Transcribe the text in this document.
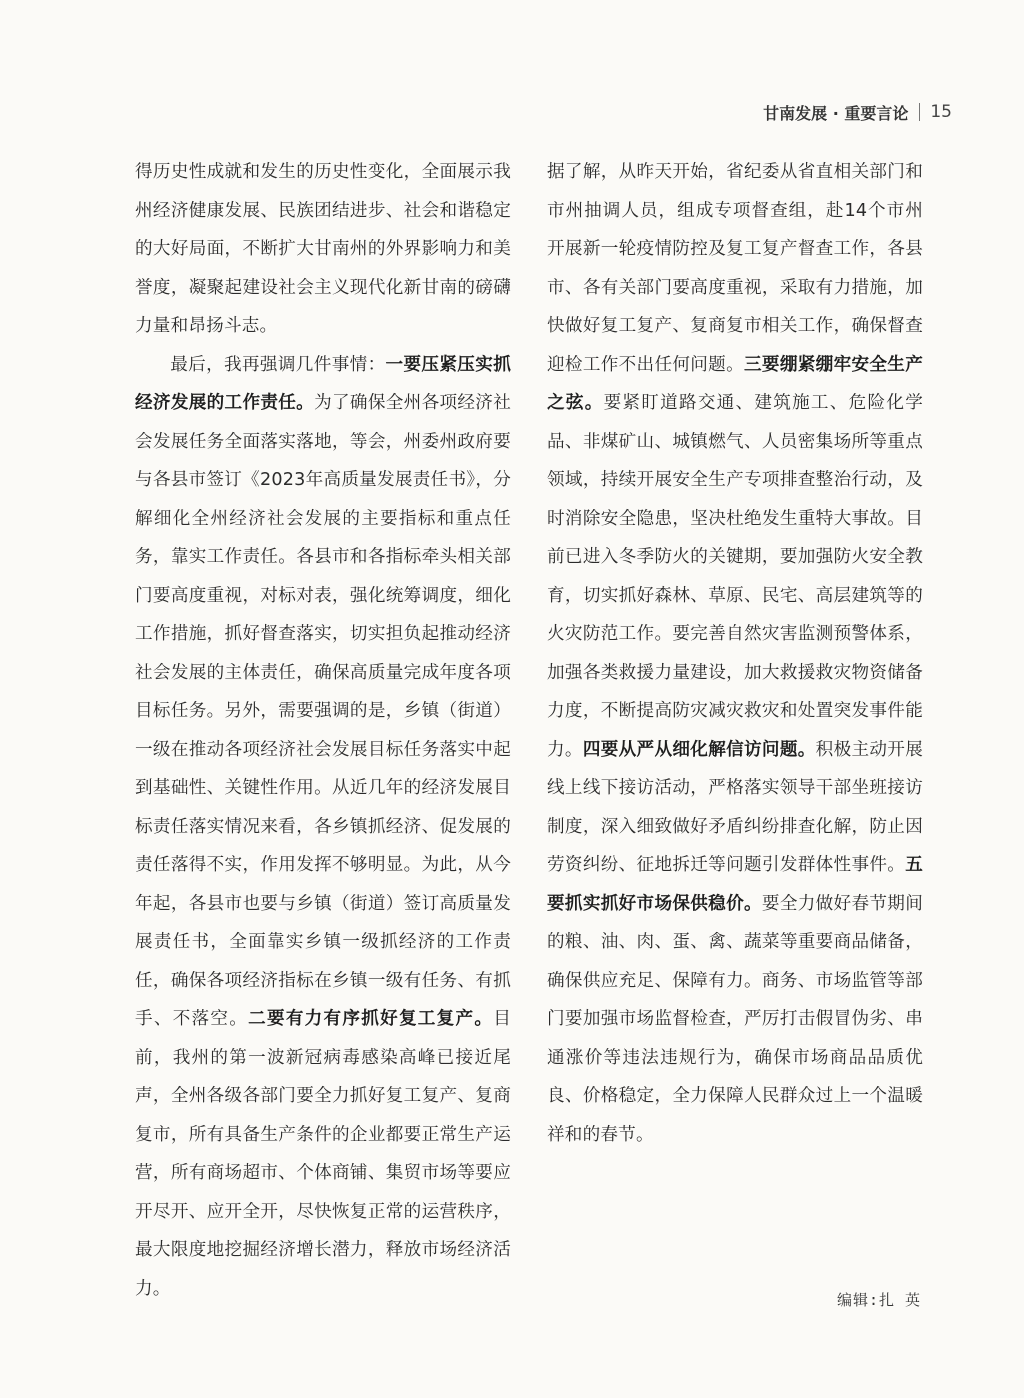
甘南发展 · 重要言论 15

得历史性成就和发生的历史性变化，全面展示我州经济健康发展、民族团结进步、社会和谐稳定的大好局面，不断扩大甘南州的外界影响力和美誉度，凝聚起建设社会主义现代化新甘南的磅礴力量和昂扬斗志。

最后，我再强调几件事情：一要压紧压实抓经济发展的工作责任。为了确保全州各项经济社会发展任务全面落实落地，等会，州委州政府要与各县市签订《2023年高质量发展责任书》，分解细化全州经济社会发展的主要指标和重点任务，靠实工作责任。各县市和各指标牵头相关部门要高度重视，对标对表，强化统筹调度，细化工作措施，抓好督查落实，切实担负起推动经济社会发展的主体责任，确保高质量完成年度各项目标任务。另外，需要强调的是，乡镇（街道）一级在推动各项经济社会发展目标任务落实中起到基础性、关键性作用。从近几年的经济发展目标责任落实情况来看，各乡镇抓经济、促发展的责任落得不实，作用发挥不够明显。为此，从今年起，各县市也要与乡镇（街道）签订高质量发展责任书，全面靠实乡镇一级抓经济的工作责任，确保各项经济指标在乡镇一级有任务、有抓手、不落空。二要有力有序抓好复工复产。目前，我州的第一波新冠病毒感染高峰已接近尾声，全州各级各部门要全力抓好复工复产、复商复市，所有具备生产条件的企业都要正常生产运营，所有商场超市、个体商铺、集贸市场等要应开尽开、应开全开，尽快恢复正常的运营秩序，最大限度地挖掘经济增长潜力，释放市场经济活力。

据了解，从昨天开始，省纪委从省直相关部门和市州抽调人员，组成专项督查组，赴14个市州开展新一轮疫情防控及复工复产督查工作，各县市、各有关部门要高度重视，采取有力措施，加快做好复工复产、复商复市相关工作，确保督查迎检工作不出任何问题。三要绷紧绷牢安全生产之弦。要紧盯道路交通、建筑施工、危险化学品、非煤矿山、城镇燃气、人员密集场所等重点领域，持续开展安全生产专项排查整治行动，及时消除安全隐患，坚决杜绝发生重特大事故。目前已进入冬季防火的关键期，要加强防火安全教育，切实抓好森林、草原、民宅、高层建筑等的火灾防范工作。要完善自然灾害监测预警体系，加强各类救援力量建设，加大救援救灾物资储备力度，不断提高防灾减灾救灾和处置突发事件能力。四要从严从细化解信访问题。积极主动开展线上线下接访活动，严格落实领导干部坐班接访制度，深入细致做好矛盾纠纷排查化解，防止因劳资纠纷、征地拆迁等问题引发群体性事件。五要抓实抓好市场保供稳价。要全力做好春节期间的粮、油、肉、蛋、禽、蔬菜等重要商品储备，确保供应充足、保障有力。商务、市场监管等部门要加强市场监督检查，严厉打击假冒伪劣、串通涨价等违法违规行为，确保市场商品品质优良、价格稳定，全力保障人民群众过上一个温暖祥和的春节。

编辑:扎 英
